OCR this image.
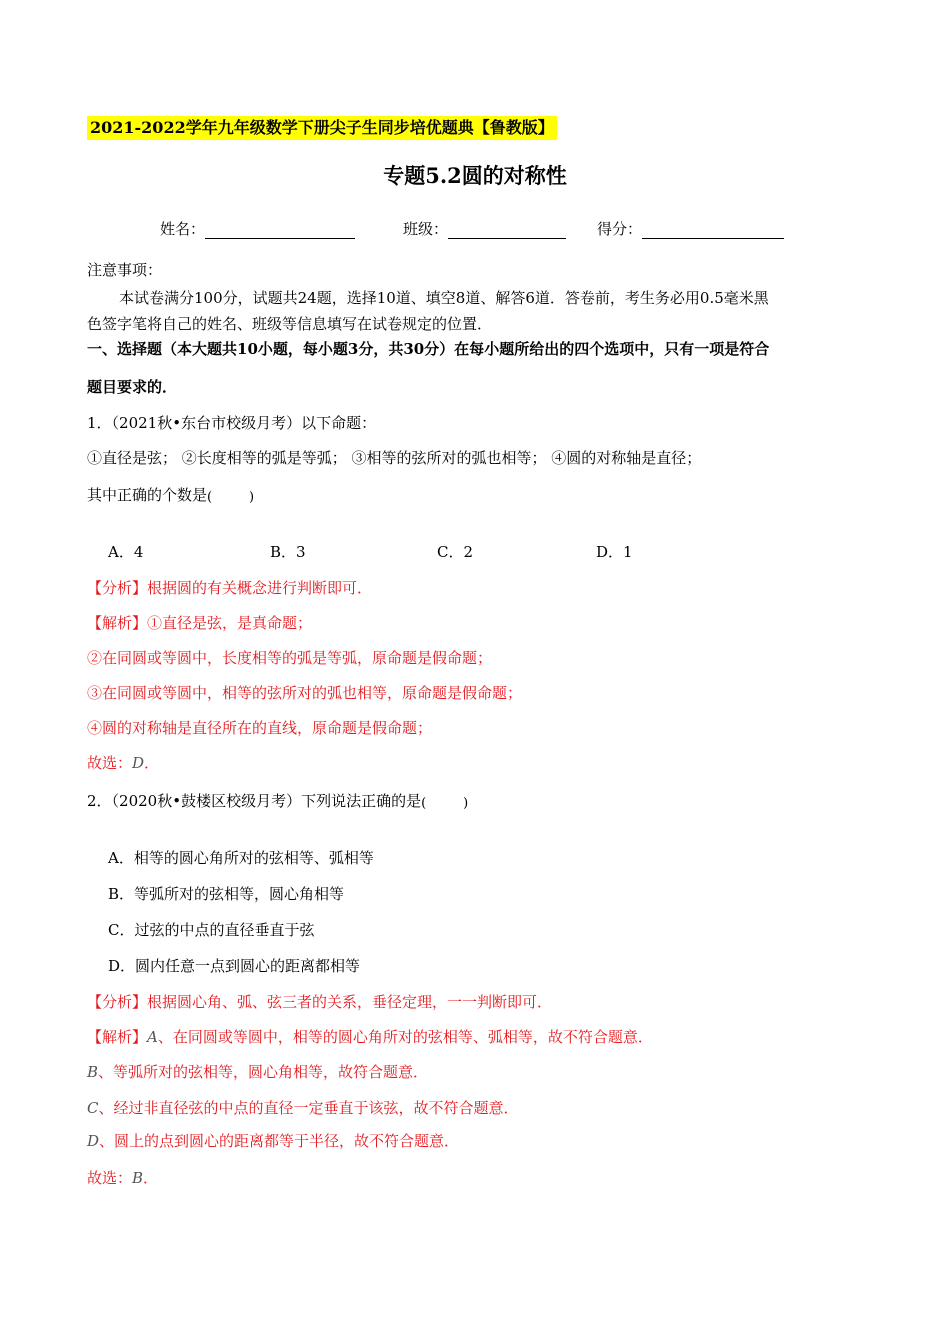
2021-2022学年九年级数学下册尖子生同步培优题典【鲁教版】
专题5.2圆的对称性
姓名：	班级：	得分：
注意事项：
本试卷满分100分，试题共24题，选择10道、填空8道、解答6道．答卷前，考生务必用0.5毫米黑
色签字笔将自己的姓名、班级等信息填写在试卷规定的位置．
一、选择题（本大题共10小题，每小题3分，共30分）在每小题所给出的四个选项中，只有一项是符合
题目要求的．
1．（2021秋•东台市校级月考）以下命题：
①直径是弦； ②长度相等的弧是等弧； ③相等的弦所对的弧也相等； ④圆的对称轴是直径；
其中正确的个数是 (	)
A．4	B．3	C．2	D．1
【分析】根据圆的有关概念进行判断即可．
【解析】①直径是弦，是真命题；
②在同圆或等圆中，长度相等的弧是等弧，原命题是假命题；
③在同圆或等圆中，相等的弦所对的弧也相等，原命题是假命题；
④圆的对称轴是直径所在的直线，原命题是假命题；
故选：D．
2．（2020秋•鼓楼区校级月考）下列说法正确的是 (	)
A．相等的圆心角所对的弦相等、弧相等
B．等弧所对的弦相等，圆心角相等
C．过弦的中点的直径垂直于弦
D．圆内任意一点到圆心的距离都相等
【分析】根据圆心角、弧、弦三者的关系，垂径定理，一一判断即可．
【解析】A、在同圆或等圆中，相等的圆心角所对的弦相等、弧相等，故不符合题意．
B、等弧所对的弦相等，圆心角相等，故符合题意．
C、经过非直径弦的中点的直径一定垂直于该弦，故不符合题意．
D、圆上的点到圆心的距离都等于半径，故不符合题意．
故选：B．
